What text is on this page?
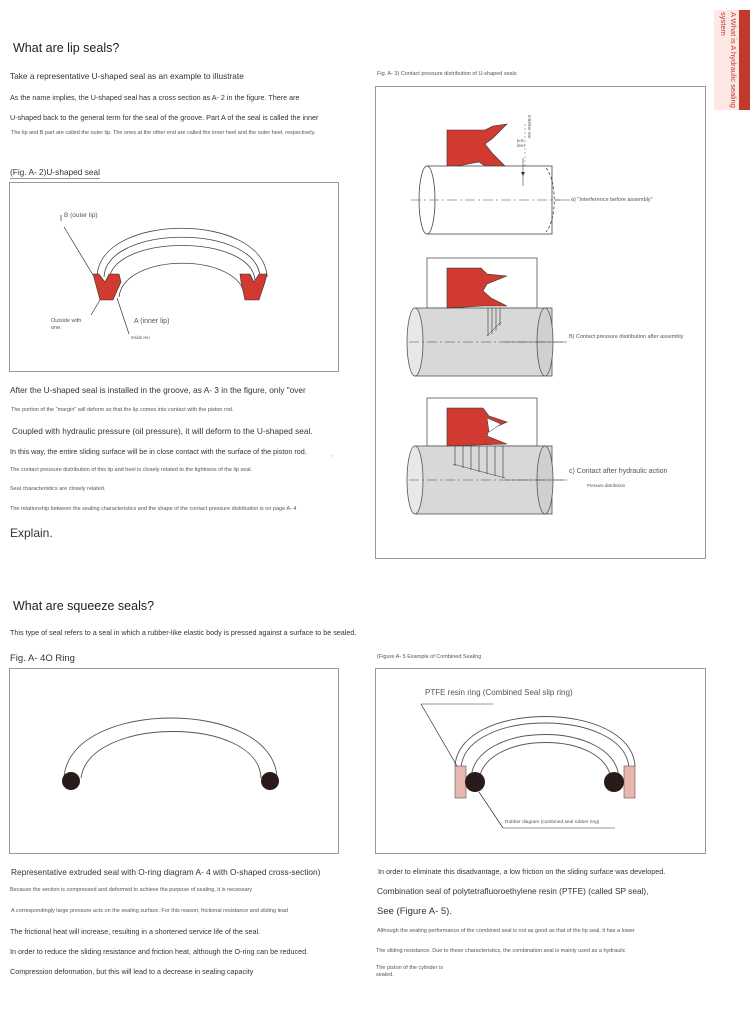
A What is A hydraulic sealing system
What are lip seals?
Take a representative U-shaped seal as an example to illustrate
As the name implies, the U-shaped seal has a cross section as A- 2 in the figure. There are
U-shaped back to the general term for the seal of the groove. Part A of the seal is called the inner
The lip and B part are called the outer lip. The ones at the other end are called the inner heel and the outer heel, respectively.
(Fig. A- 2)U-shaped seal
B (outer lip)
A (inner lip)
Outside with one.
Inside Hei
After the U-shaped seal is installed in the groove, as A- 3 in the figure, only "over
The portion of the "margin" will deform so that the lip comes into contact with the piston rod.
Coupled with hydraulic pressure (oil pressure), it will deform to the U-shaped seal.
In this way, the entire sliding surface will be in close contact with the surface of the piston rod.	,
The contact pressure distribution of this lip and heel is closely related to the tightness of the lip seal.
Seal characteristics are closely related.
The relationship between the sealing characteristics and the shape of the contact pressure distribution is on page A- 4
Explain.
Fig. A- 3) Contact pressure distribution of U-shaped seals
Interfere nce
pos ition
a) "Interference before assembly"
B) Contact pressure distribution after assembly
c) Contact after hydraulic action
Pressure distribution
What are squeeze seals?
This type of seal refers to a seal in which a rubber-like elastic body is pressed against a surface to be sealed.
Fig. A- 4O Ring	(Figure A- 5 Example of Combined Sealing
PTFE resin ring (Combined Seal slip ring)
Rubber diagram (combined seal rubber ring)
Representative extruded seal with O-ring diagram A- 4 with O-shaped cross-section)
Because the section is compressed and deformed to achieve the purpose of sealing, it is necessary
A correspondingly large pressure acts on the sealing surface. For this reason, frictional resistance and sliding lead
The frictional heat will increase, resulting in a shortened service life of the seal.
In order to reduce the sliding resistance and friction heat, although the O-ring can be reduced.
Compression deformation, but this will lead to a decrease in sealing capacity
In order to eliminate this disadvantage, a low friction on the sliding surface was developed.
Combination seal of polytetrafluoroethylene resin (PTFE) (called SP seal),
See (Figure A- 5).
Although the sealing performance of the combined seal is not as good as that of the lip seal, it has a lower
The sliding resistance. Due to these characteristics, the combination seal is mainly used as a hydraulic
The piston of the cylinder is sealed.
